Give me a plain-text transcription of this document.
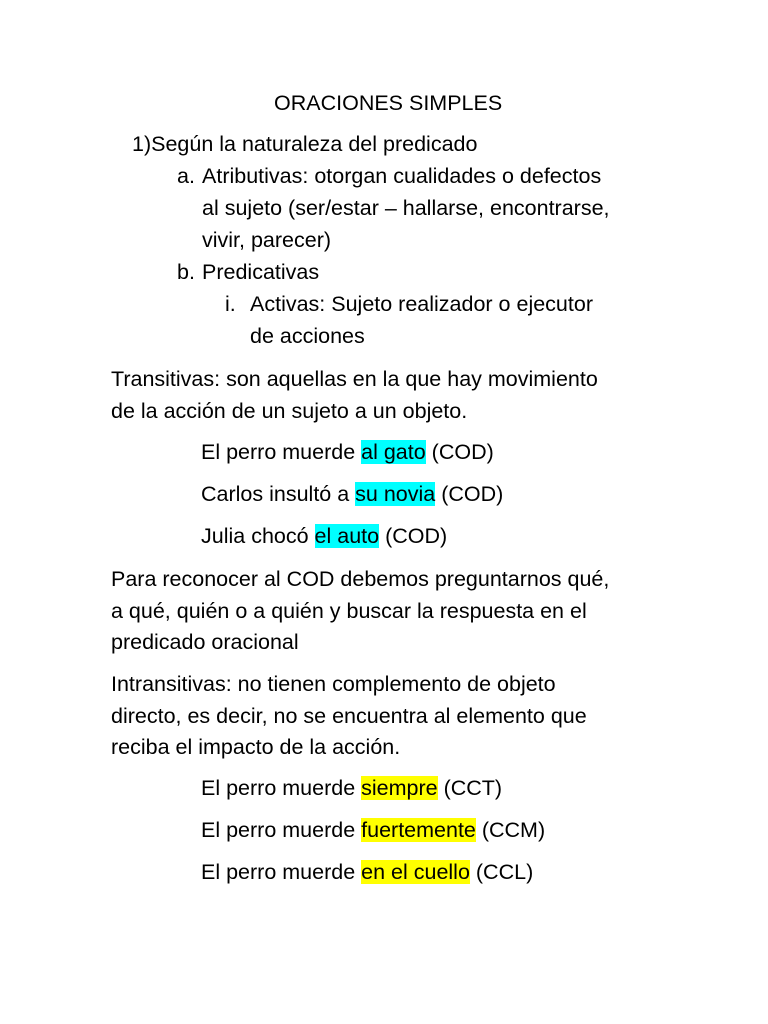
ORACIONES SIMPLES
1)Según la naturaleza del predicado
a. Atributivas: otorgan cualidades o defectos
al sujeto (ser/estar – hallarse, encontrarse,
vivir, parecer)
b. Predicativas
i. Activas: Sujeto realizador o ejecutor
de acciones
Transitivas: son aquellas en la que hay movimiento
de la acción de un sujeto a un objeto.
El perro muerde al gato (COD)
Carlos insultó a su novia (COD)
Julia chocó el auto (COD)
Para reconocer al COD debemos preguntarnos qué,
a qué, quién o a quién y buscar la respuesta en el
predicado oracional
Intransitivas: no tienen complemento de objeto
directo, es decir, no se encuentra al elemento que
reciba el impacto de la acción.
El perro muerde siempre (CCT)
El perro muerde fuertemente (CCM)
El perro muerde en el cuello (CCL)
